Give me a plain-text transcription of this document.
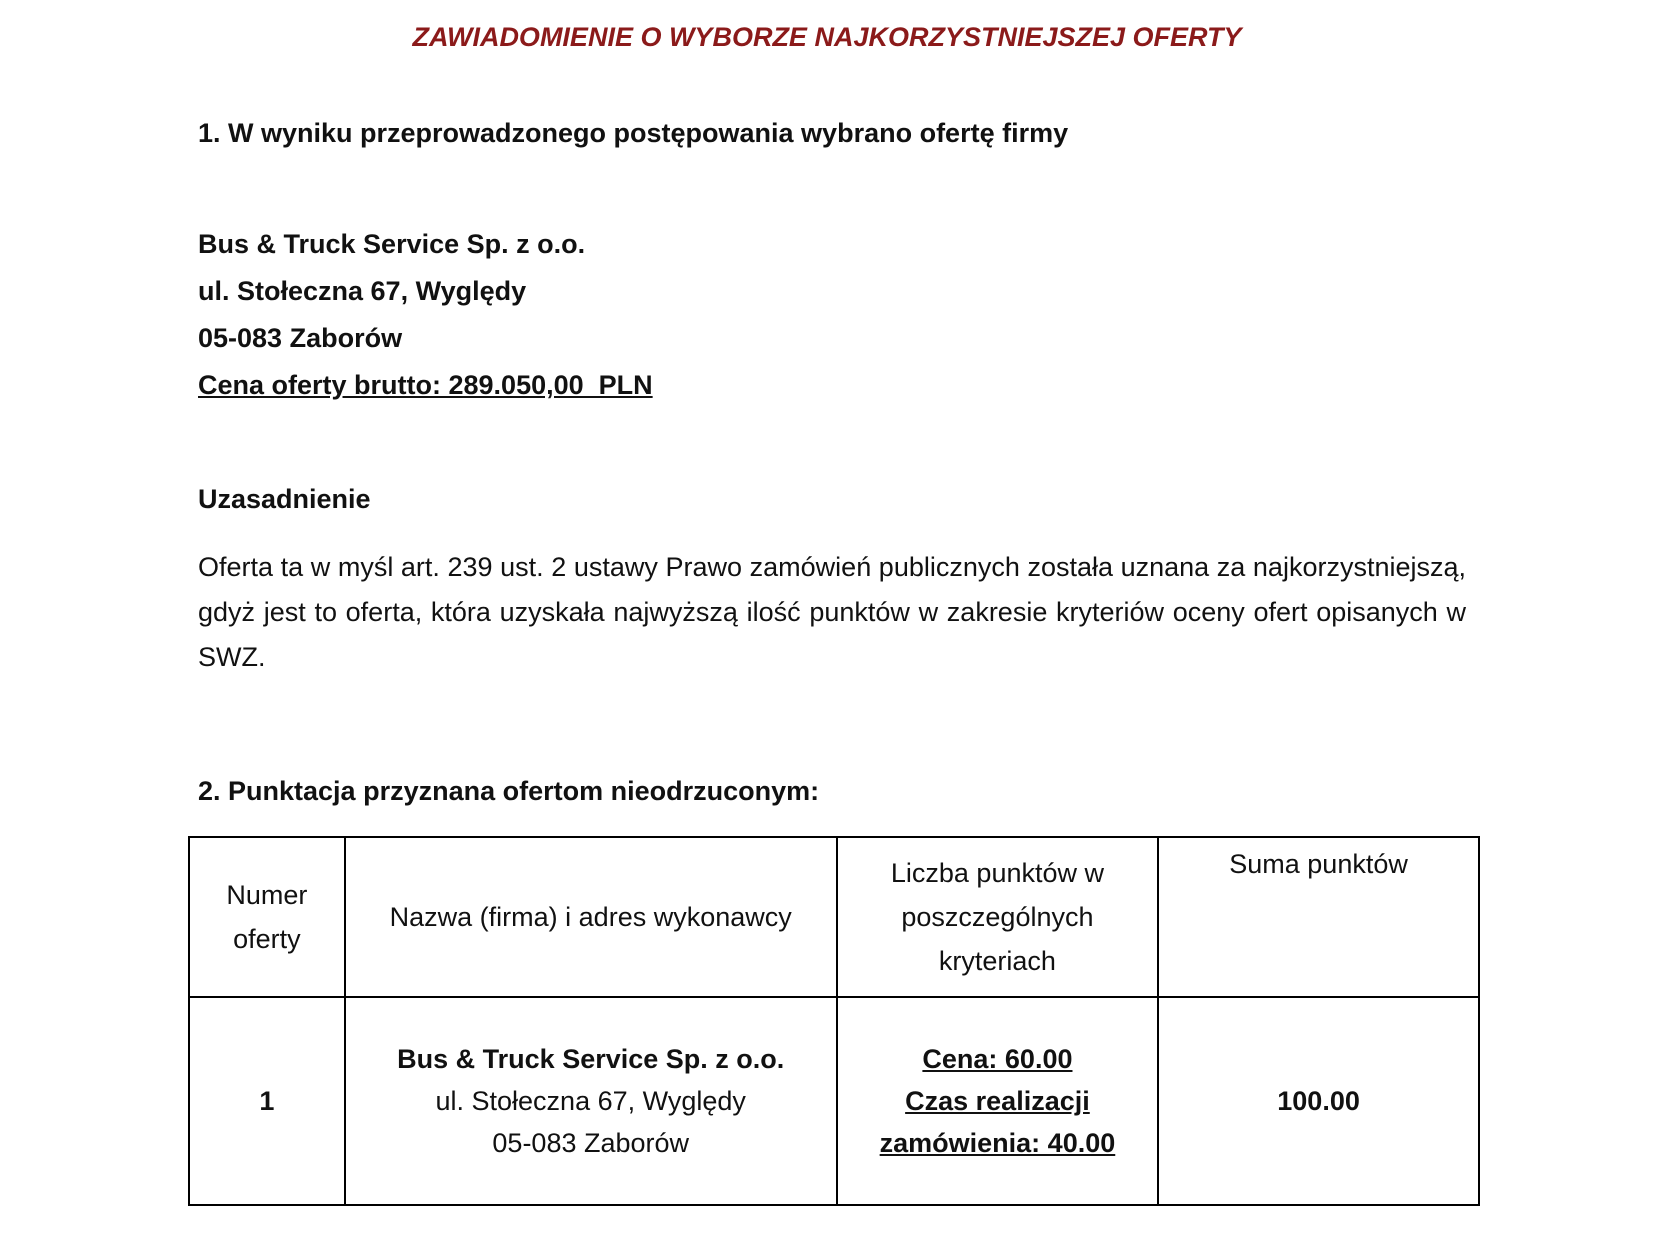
ZAWIADOMIENIE O WYBORZE NAJKORZYSTNIEJSZEJ OFERTY
1. W wyniku przeprowadzonego postępowania wybrano ofertę firmy
Bus & Truck Service Sp. z o.o.
ul. Stołeczna 67, Wyględy
05-083 Zaborów
Cena oferty brutto: 289.050,00  PLN
Uzasadnienie
Oferta ta w myśl art. 239 ust. 2 ustawy Prawo zamówień publicznych została uznana za najkorzystniejszą, gdyż jest to oferta, która uzyskała najwyższą ilość punktów w zakresie kryteriów oceny ofert opisanych w SWZ.
2. Punktacja przyznana ofertom nieodrzuconym:
Numer
oferty	Nazwa (firma) i adres wykonawcy	Liczba punktów w
poszczególnych
kryteriach	Suma punktów
1	Bus & Truck Service Sp. z o.o.
ul. Stołeczna 67, Wyględy
05-083 Zaborów	Cena: 60.00
Czas realizacji
zamówienia: 40.00	100.00
